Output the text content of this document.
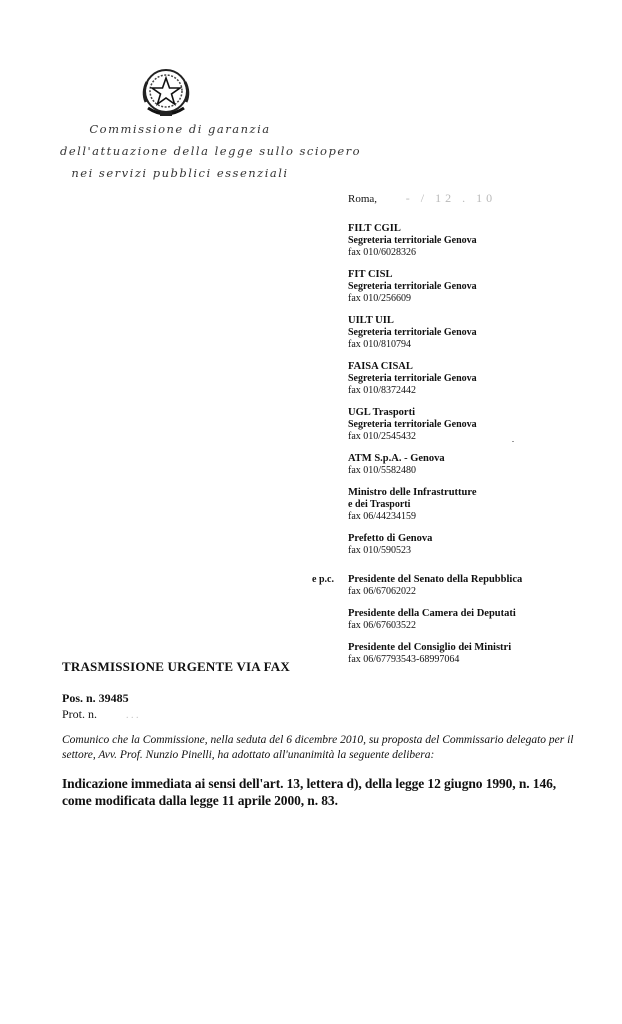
Commissione di garanzia
dell'attuazione della legge sullo sciopero
nei servizi pubblici essenziali
Roma, - / 12 . 10
FILT CGIL
Segreteria territoriale Genova
fax 010/6028326
FIT CISL
Segreteria territoriale Genova
fax 010/256609
UILT UIL
Segreteria territoriale Genova
fax 010/810794
FAISA CISAL
Segreteria territoriale Genova
fax 010/8372442
UGL Trasporti
Segreteria territoriale Genova
fax 010/2545432
ATM S.p.A. - Genova
fax 010/5582480
Ministro delle Infrastrutture
e dei Trasporti
fax 06/44234159
Prefetto di Genova
fax 010/590523
e p.c. Presidente del Senato della Repubblica
fax 06/67062022
Presidente della Camera dei Deputati
fax 06/67603522
Presidente del Consiglio dei Ministri
fax 06/67793543-68997064
TRASMISSIONE URGENTE VIA FAX
Pos. n. 39485
Prot. n.	. . .
Comunico che la Commissione, nella seduta del 6 dicembre 2010, su proposta del Commissario delegato per il settore, Avv. Prof. Nunzio Pinelli, ha adottato all'unanimità la seguente delibera:
Indicazione immediata ai sensi dell'art. 13, lettera d), della legge 12 giugno 1990, n. 146, come modificata dalla legge 11 aprile 2000, n. 83.
